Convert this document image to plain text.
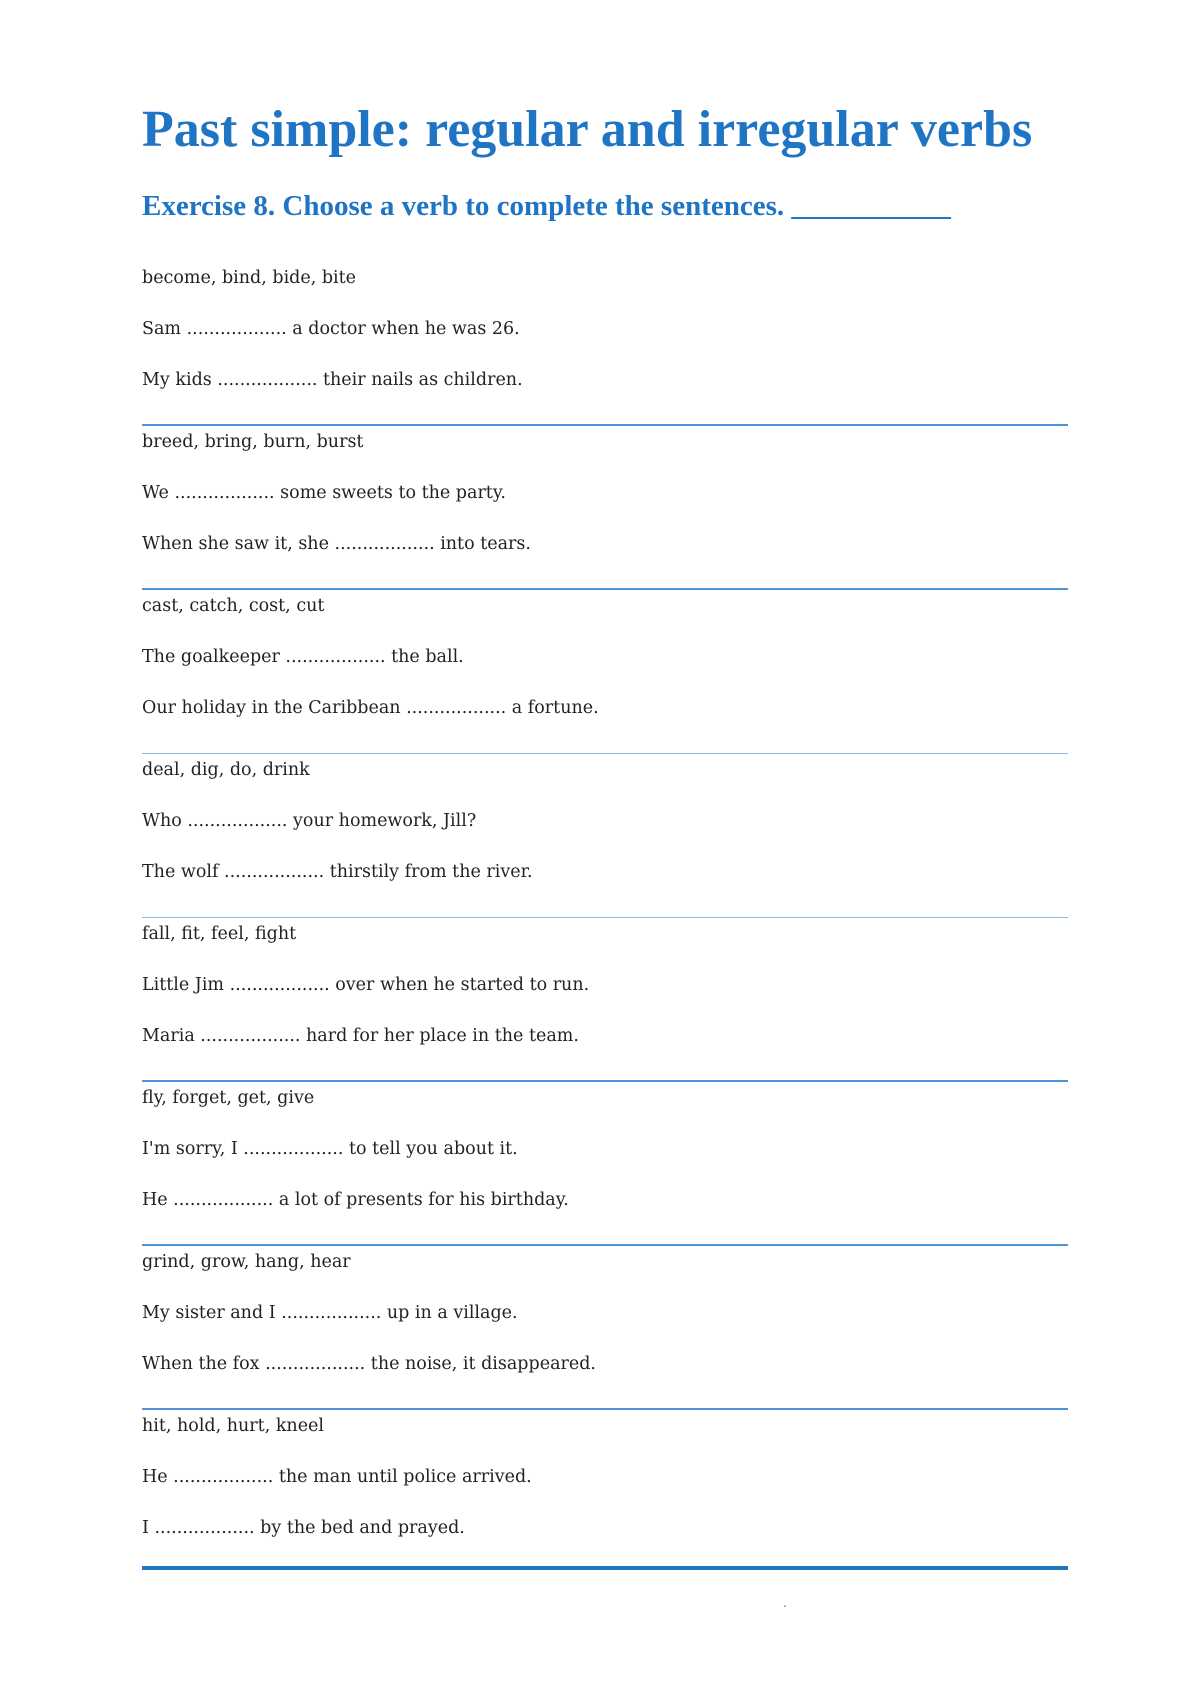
Past simple: regular and irregular verbs
Exercise 8. Choose a verb to complete the sentences. ___________
become, bind, bide, bite
Sam .................. a doctor when he was 26.
My kids .................. their nails as children.
breed, bring, burn, burst
We .................. some sweets to the party.
When she saw it, she .................. into tears.
cast, catch, cost, cut
The goalkeeper .................. the ball.
Our holiday in the Caribbean .................. a fortune.
deal, dig, do, drink
Who .................. your homework, Jill?
The wolf .................. thirstily from the river.
fall, fit, feel, fight
Little Jim .................. over when he started to run.
Maria .................. hard for her place in the team.
fly, forget, get, give
I'm sorry, I .................. to tell you about it.
He .................. a lot of presents for his birthday.
grind, grow, hang, hear
My sister and I .................. up in a village.
When the fox .................. the noise, it disappeared.
hit, hold, hurt, kneel
He .................. the man until police arrived.
I .................. by the bed and prayed.
.
